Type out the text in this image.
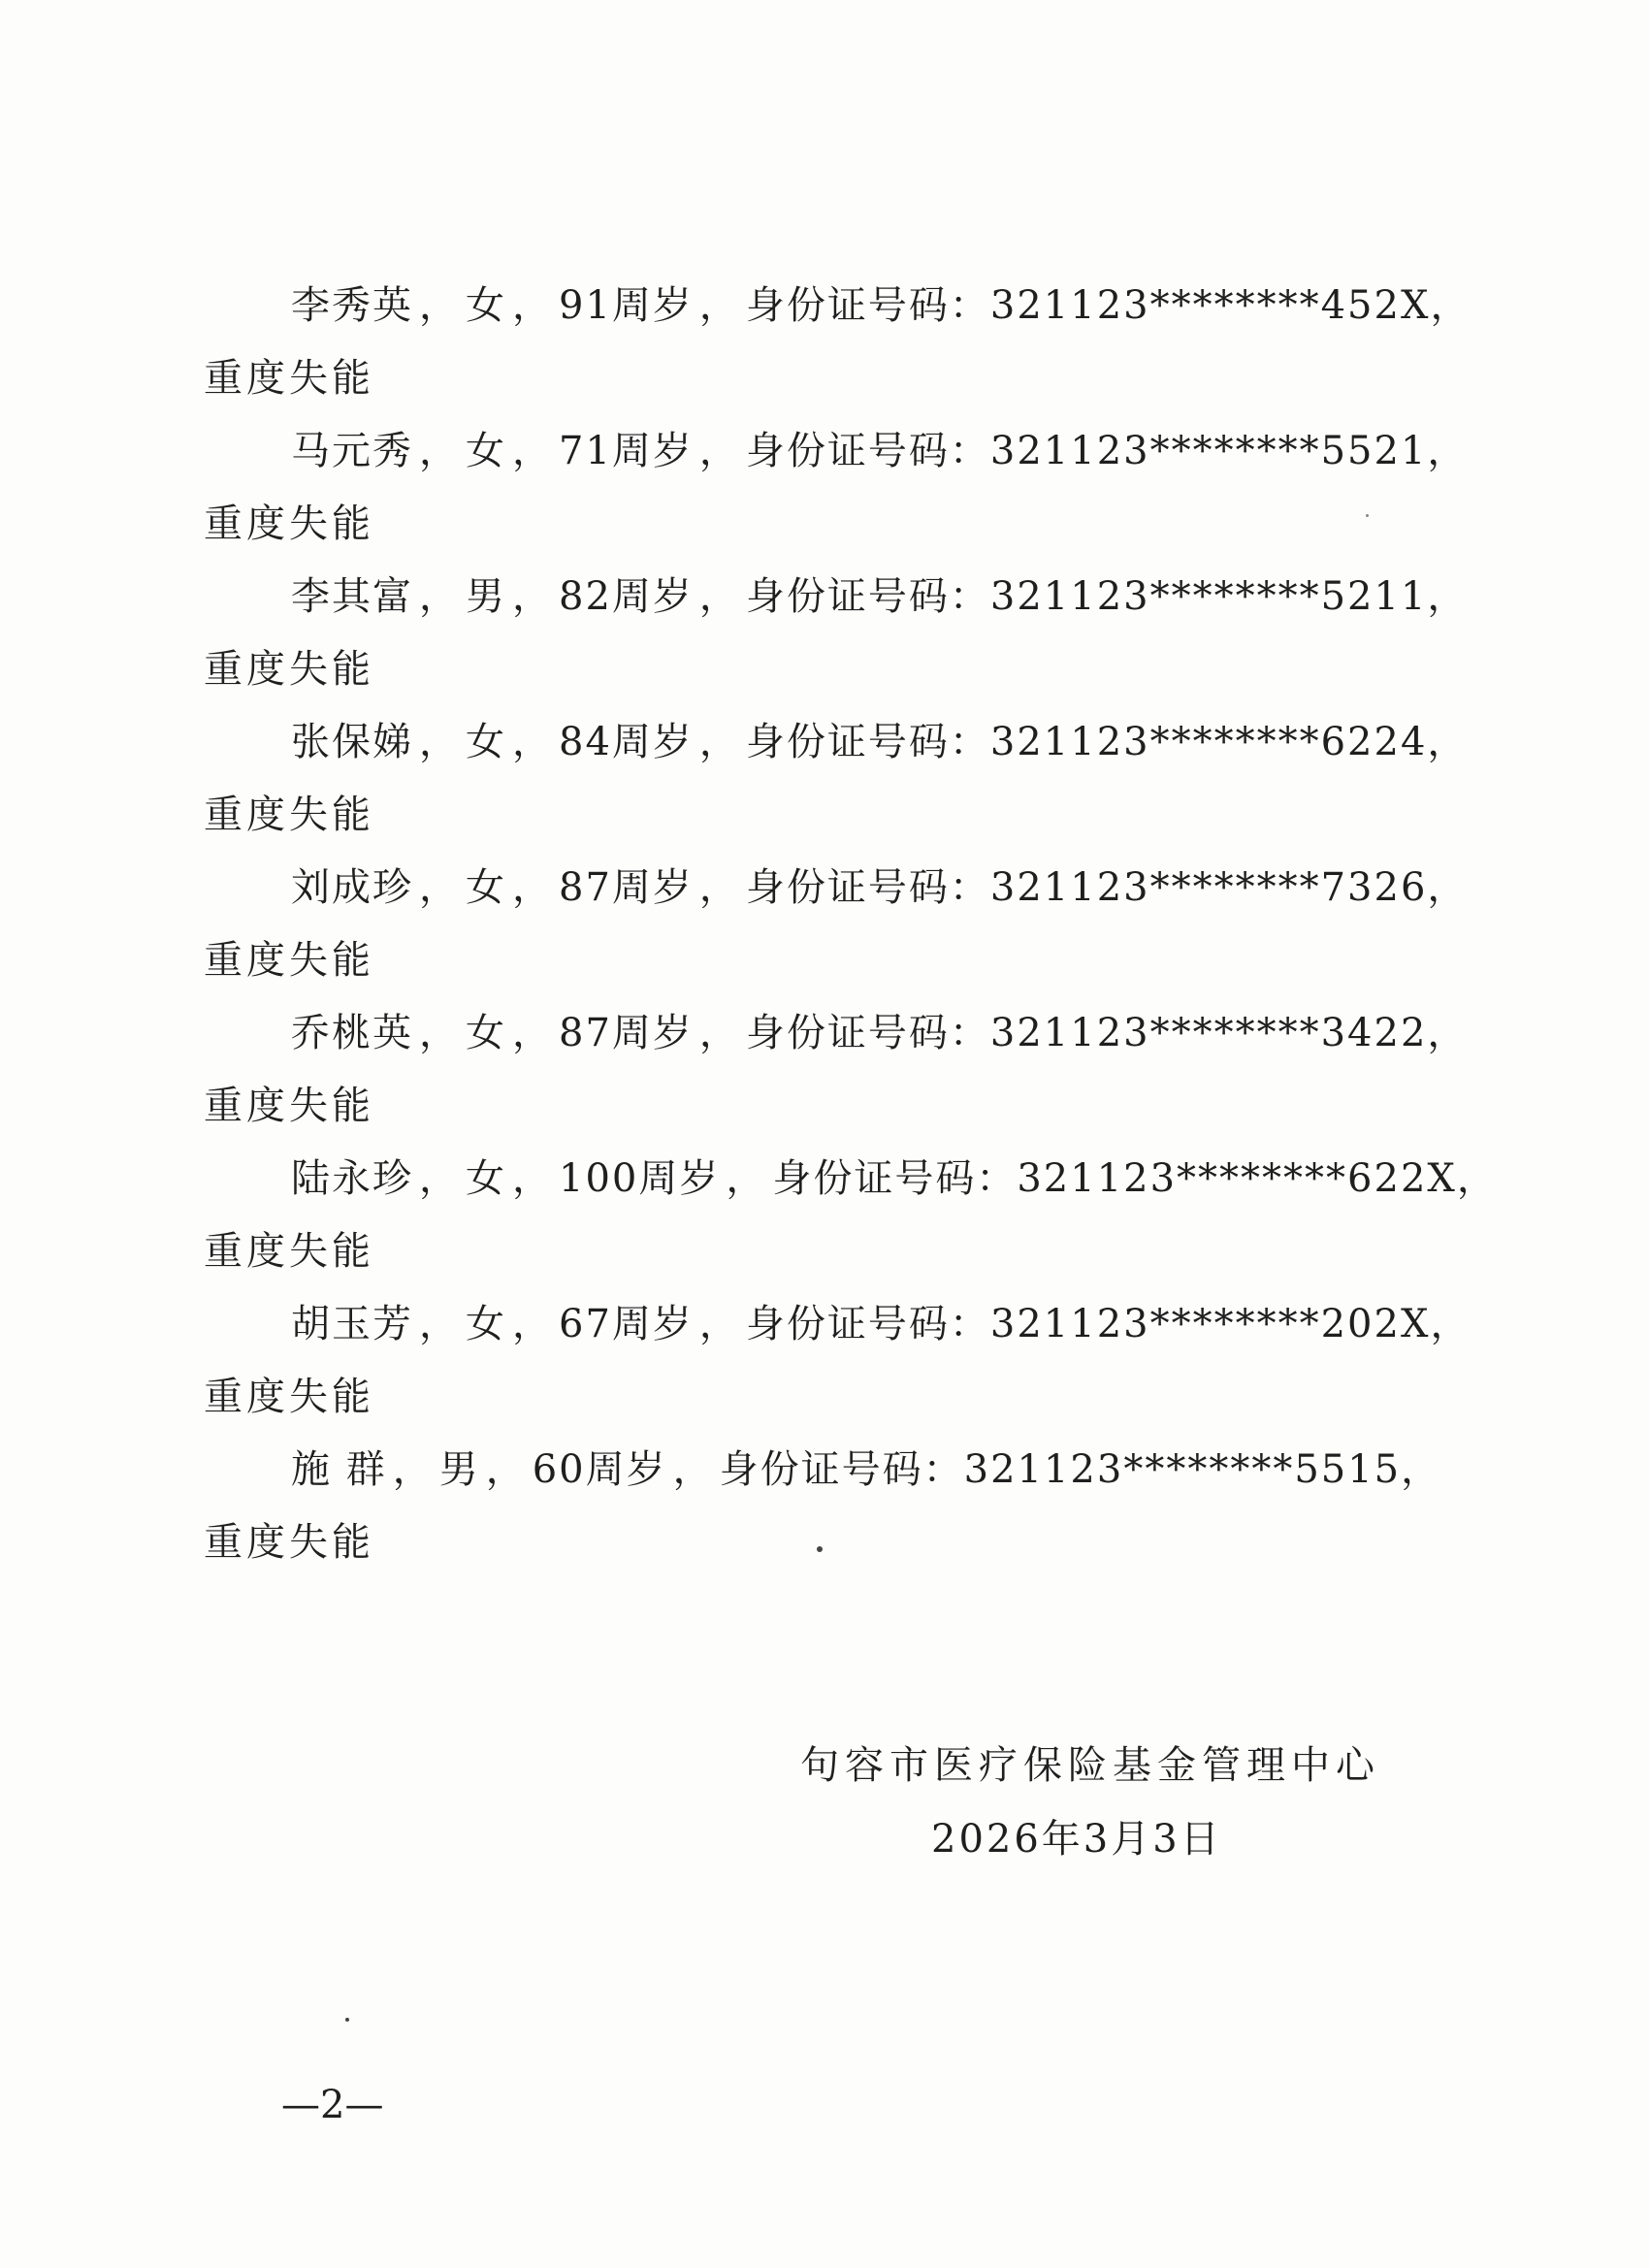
李秀英 ， 女 ， 91周岁 ， 身份证号码：321123********452X，
重度失能
马元秀 ， 女 ， 71周岁 ， 身份证号码：321123********5521，
重度失能
李其富 ， 男 ， 82周岁 ， 身份证号码：321123********5211，
重度失能
张保娣 ， 女 ， 84周岁 ， 身份证号码：321123********6224，
重度失能
刘成珍 ， 女 ， 87周岁 ， 身份证号码：321123********7326，
重度失能
乔桃英 ， 女 ， 87周岁 ， 身份证号码：321123********3422，
重度失能
陆永珍 ， 女 ， 100周岁 ， 身份证号码：321123********622X，
重度失能
胡玉芳 ， 女 ， 67周岁 ， 身份证号码：321123********202X，
重度失能
施 群 ， 男 ， 60周岁 ， 身份证号码：321123********5515，
重度失能
句容市医疗保险基金管理中心
2026年3月3日
—2—
